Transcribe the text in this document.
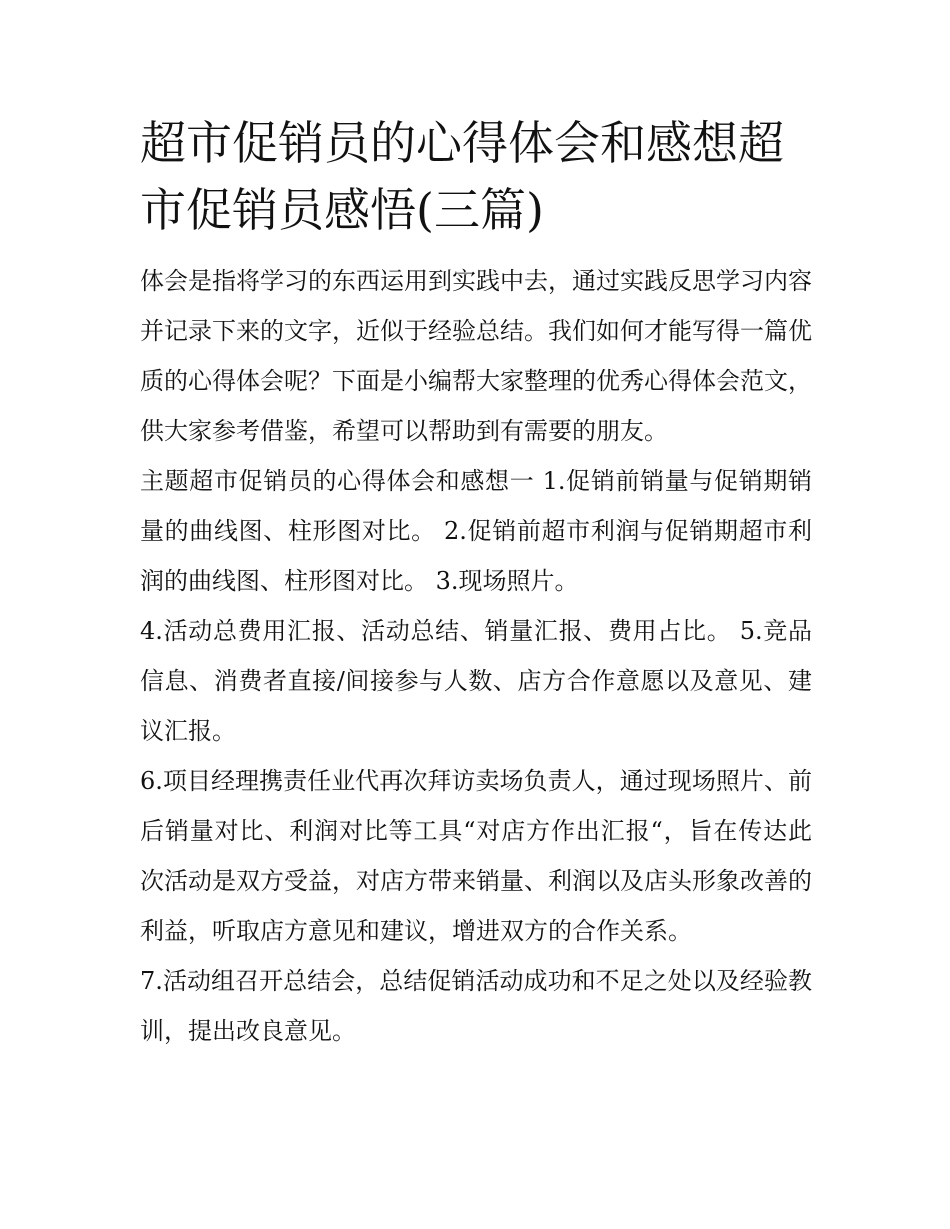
超市促销员的心得体会和感想超市促销员感悟(三篇)

体会是指将学习的东西运用到实践中去，通过实践反思学习内容并记录下来的文字，近似于经验总结。我们如何才能写得一篇优质的心得体会呢？下面是小编帮大家整理的优秀心得体会范文，供大家参考借鉴，希望可以帮助到有需要的朋友。

主题超市促销员的心得体会和感想一 1.促销前销量与促销期销量的曲线图、柱形图对比。 2.促销前超市利润与促销期超市利润的曲线图、柱形图对比。 3.现场照片。

4.活动总费用汇报、活动总结、销量汇报、费用占比。 5.竞品信息、消费者直接/间接参与人数、店方合作意愿以及意见、建议汇报。

6.项目经理携责任业代再次拜访卖场负责人，通过现场照片、前后销量对比、利润对比等工具“对店方作出汇报“，旨在传达此次活动是双方受益，对店方带来销量、利润以及店头形象改善的利益，听取店方意见和建议，增进双方的合作关系。

7.活动组召开总结会，总结促销活动成功和不足之处以及经验教训，提出改良意见。
